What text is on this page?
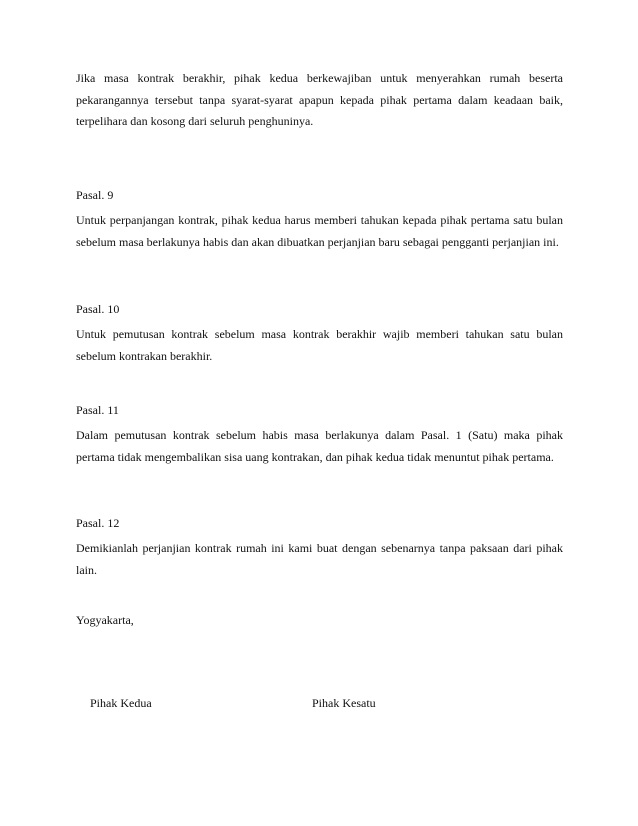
Jika masa kontrak berakhir, pihak kedua berkewajiban untuk menyerahkan rumah beserta pekarangannya tersebut tanpa syarat-syarat apapun kepada pihak pertama dalam keadaan baik, terpelihara dan kosong dari seluruh penghuninya.

Pasal. 9

Untuk perpanjangan kontrak, pihak kedua harus memberi tahukan kepada pihak pertama satu bulan sebelum masa berlakunya habis dan akan dibuatkan perjanjian baru sebagai pengganti perjanjian ini.

Pasal. 10

Untuk pemutusan kontrak sebelum masa kontrak berakhir wajib memberi tahukan satu bulan sebelum kontrakan berakhir.

Pasal. 11

Dalam pemutusan kontrak sebelum habis masa berlakunya dalam Pasal. 1 (Satu) maka pihak pertama tidak mengembalikan sisa uang kontrakan, dan pihak kedua tidak menuntut pihak pertama.

Pasal. 12

Demikianlah perjanjian kontrak rumah ini kami buat dengan sebenarnya tanpa paksaan dari pihak lain.

Yogyakarta,

Pihak Kedua	Pihak Kesatu
